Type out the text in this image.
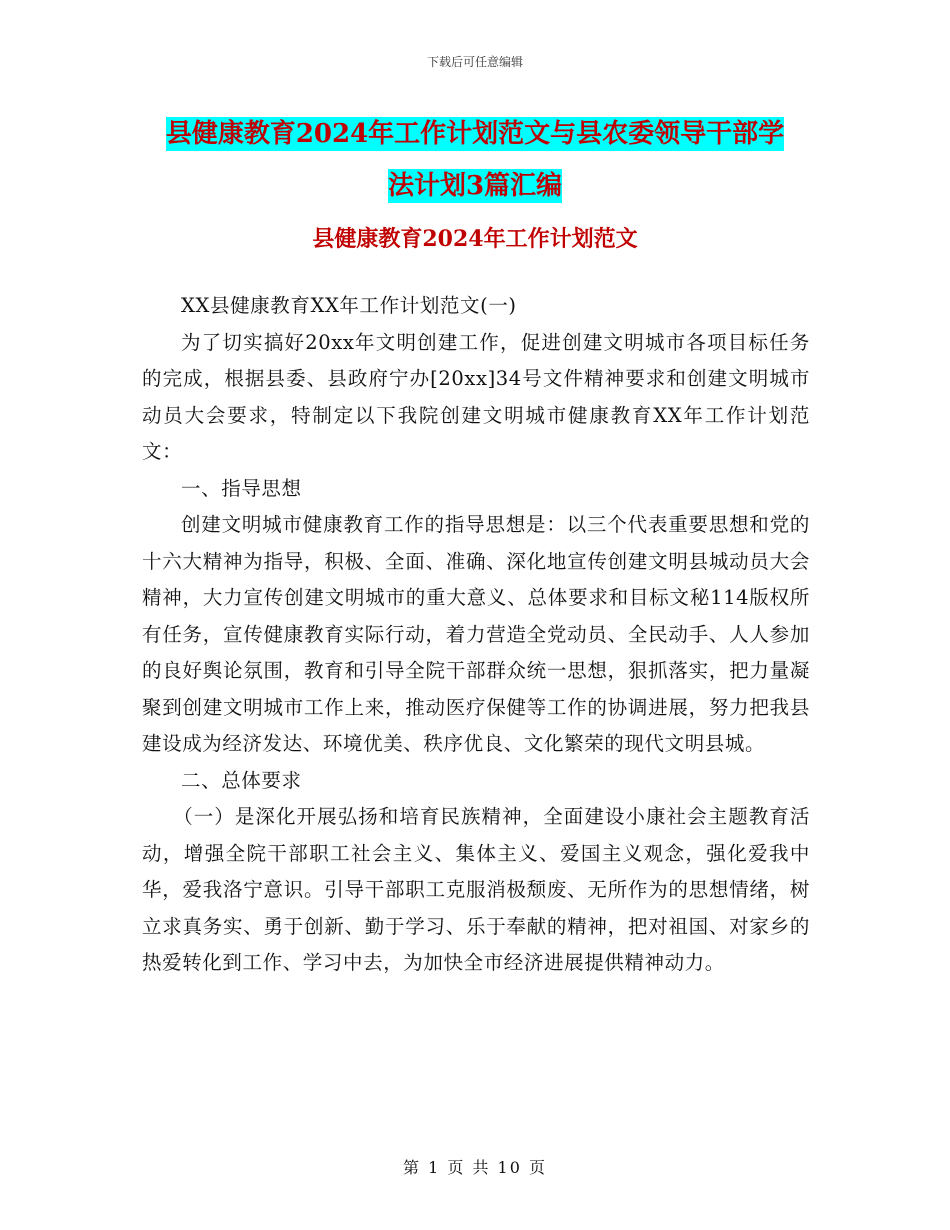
下载后可任意编辑
县健康教育2024年工作计划范文与县农委领导干部学
法计划3篇汇编
县健康教育2024年工作计划范文

XX县健康教育XX年工作计划范文(一)

为了切实搞好20xx年文明创建工作，促进创建文明城市各项目标任务的完成，根据县委、县政府宁办[20xx]34号文件精神要求和创建文明城市动员大会要求，特制定以下我院创建文明城市健康教育XX年工作计划范文：

一、指导思想

创建文明城市健康教育工作的指导思想是：以三个代表重要思想和党的十六大精神为指导，积极、全面、准确、深化地宣传创建文明县城动员大会精神，大力宣传创建文明城市的重大意义、总体要求和目标文秘114版权所有任务，宣传健康教育实际行动，着力营造全党动员、全民动手、人人参加的良好舆论氛围，教育和引导全院干部群众统一思想，狠抓落实，把力量凝聚到创建文明城市工作上来，推动医疗保健等工作的协调进展，努力把我县建设成为经济发达、环境优美、秩序优良、文化繁荣的现代文明县城。

二、总体要求

（一）是深化开展弘扬和培育民族精神，全面建设小康社会主题教育活动，增强全院干部职工社会主义、集体主义、爱国主义观念，强化爱我中华，爱我洛宁意识。引导干部职工克服消极颓废、无所作为的思想情绪，树立求真务实、勇于创新、勤于学习、乐于奉献的精神，把对祖国、对家乡的热爱转化到工作、学习中去，为加快全市经济进展提供精神动力。

第 1 页 共 10 页
